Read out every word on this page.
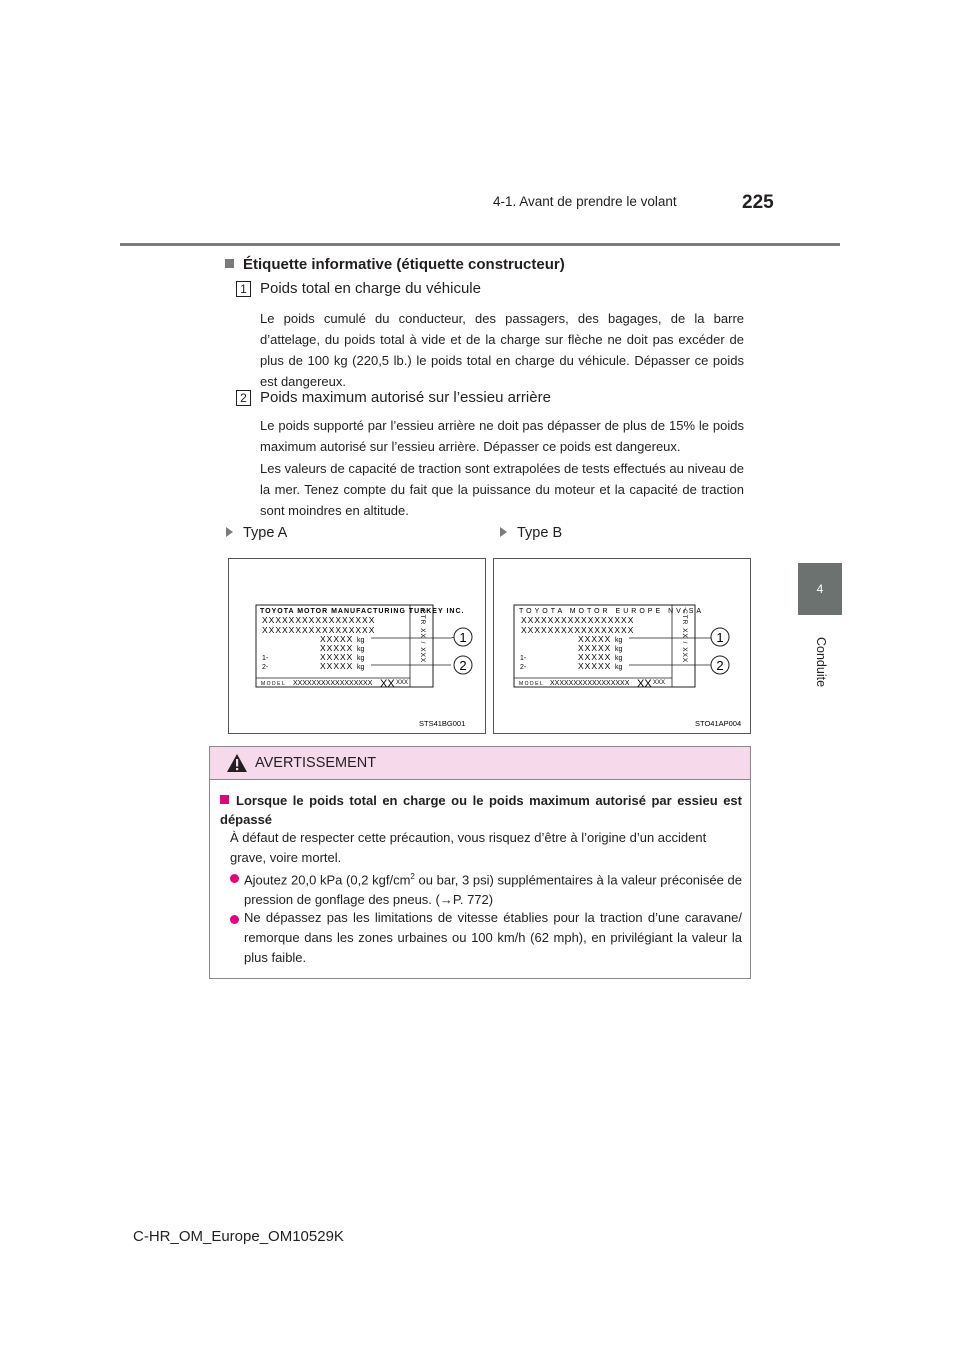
4-1. Avant de prendre le volant	225
4
Conduite
Étiquette informative (étiquette constructeur)
1 Poids total en charge du véhicule
Le poids cumulé du conducteur, des passagers, des bagages, de la barre d’attelage, du poids total à vide et de la charge sur flèche ne doit pas excéder de plus de 100 kg (220,5 lb.) le poids total en charge du véhicule. Dépasser ce poids est dangereux.
2 Poids maximum autorisé sur l’essieu arrière
Le poids supporté par l’essieu arrière ne doit pas dépasser de plus de 15% le poids maximum autorisé sur l’essieu arrière. Dépasser ce poids est dangereux.
Les valeurs de capacité de traction sont extrapolées de tests effectués au niveau de la mer. Tenez compte du fait que la puissance du moteur et la capacité de traction sont moindres en altitude.
Type A	Type B
TOYOTA MOTOR MANUFACTURING TURKEY INC.
XXXXXXXXXXXXXXXXX
XXXXXXXXXXXXXXXXX
XXXXX
XXXXX
XXXXX
XXXXX
kg
kg
kg
kg
1-
2-
MODEL XXXXXXXXXXXXXXXXX XX XXX
CTR XX / XXX	1
2
STS41BG001
TOYOTA MOTOR EUROPE NV/SA
XXXXXXXXXXXXXXXXX
XXXXXXXXXXXXXXXXX
XXXXX
XXXXX
XXXXX
XXXXX
kg
kg
kg
kg
1-
2-
MODEL XXXXXXXXXXXXXXXXX XX XXX
CTR XX / XXX 1
2
STO41AP004
AVERTISSEMENT
Lorsque le poids total en charge ou le poids maximum autorisé par essieu est dépassé
À défaut de respecter cette précaution, vous risquez d’être à l’origine d’un accident grave, voire mortel.
Ajoutez 20,0 kPa (0,2 kgf/$cm^2$ ou bar, 3 psi) supplémentaires à la valeur préconisée de pression de gonflage des pneus. (→P. 772)
Ne dépassez pas les limitations de vitesse établies pour la traction d’une caravane/ remorque dans les zones urbaines ou 100 km/h (62 mph), en privilégiant la valeur la plus faible.
C-HR_OM_Europe_OM10529K
